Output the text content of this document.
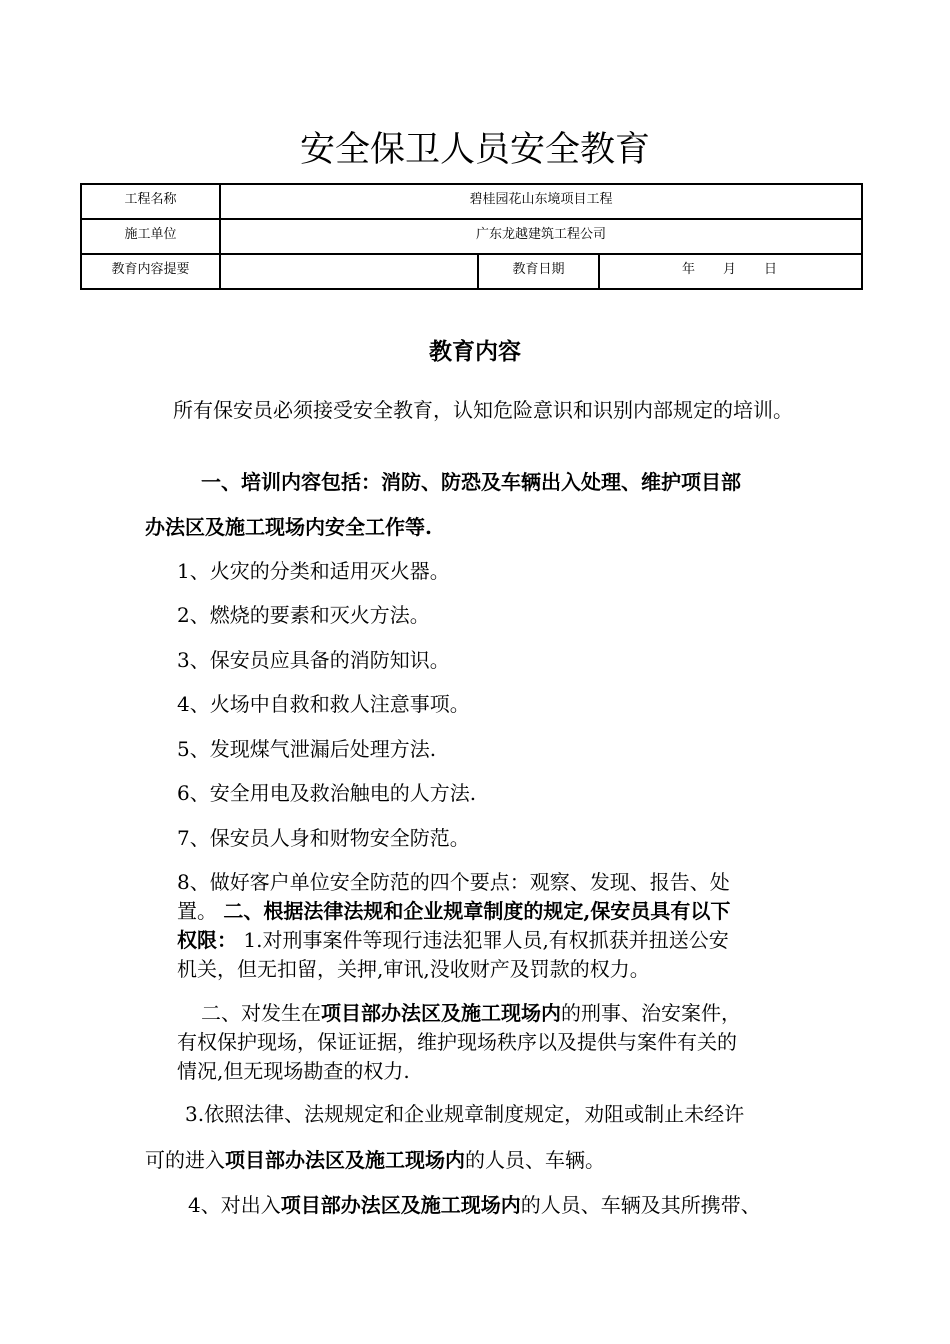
安全保卫人员安全教育
工程名称	碧桂园花山东境项目工程		
施工单位	广东龙越建筑工程公司		
教育内容提要		教育日期	年 月 日
教育内容
所有保安员必须接受安全教育，认知危险意识和识别内部规定的培训。
一、培训内容包括：消防、防恐及车辆出入处理、维护项目部
办法区及施工现场内安全工作等.
1、火灾的分类和适用灭火器。
2、燃烧的要素和灭火方法。
3、保安员应具备的消防知识。
4、火场中自救和救人注意事项。
5、发现煤气泄漏后处理方法.
6、安全用电及救治触电的人方法.
7、保安员人身和财物安全防范。
8、做好客户单位安全防范的四个要点：观察、发现、报告、处
置。 二、根据法律法规和企业规章制度的规定,保安员具有以下
权限： 1.对刑事案件等现行违法犯罪人员,有权抓获并扭送公安
机关，但无扣留，关押,审讯,没收财产及罚款的权力。
二、对发生在项目部办法区及施工现场内的刑事、治安案件，
有权保护现场，保证证据，维护现场秩序以及提供与案件有关的
情况,但无现场勘查的权力.
3.依照法律、法规规定和企业规章制度规定，劝阻或制止未经许
可的进入项目部办法区及施工现场内的人员、车辆。
4、对出入项目部办法区及施工现场内的人员、车辆及其所携带、
